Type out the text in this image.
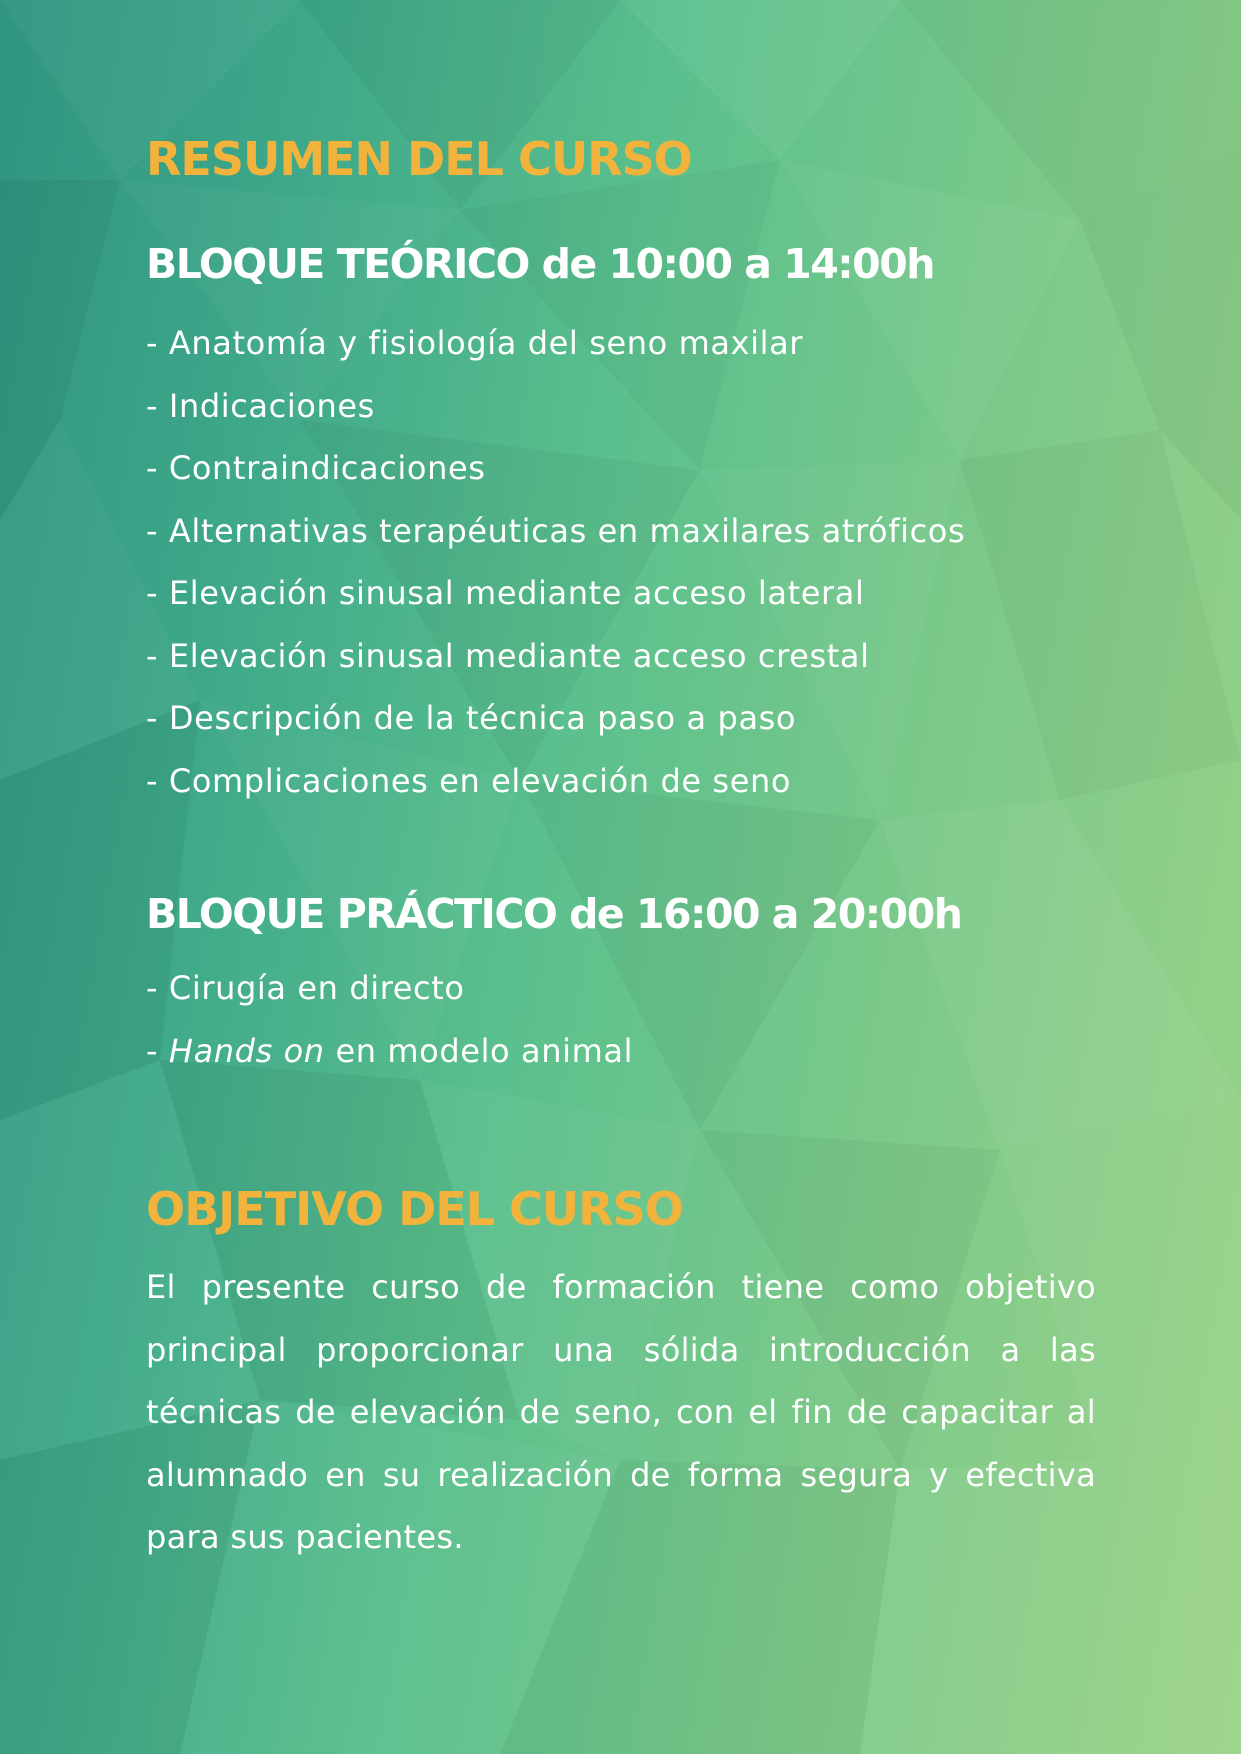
RESUMEN DEL CURSO
BLOQUE TEÓRICO de 10:00 a 14:00h
- Anatomía y fisiología del seno maxilar
- Indicaciones
- Contraindicaciones
- Alternativas terapéuticas en maxilares atróficos
- Elevación sinusal mediante acceso lateral
- Elevación sinusal mediante acceso crestal
- Descripción de la técnica paso a paso
- Complicaciones en elevación de seno
BLOQUE PRÁCTICO de 16:00 a 20:00h
- Cirugía en directo
- Hands on en modelo animal
OBJETIVO DEL CURSO

El presente curso de formación tiene como objetivo principal proporcionar una sólida introducción a las técnicas de elevación de seno, con el fin de capacitar al alumnado en su realización de forma segura y efectiva para sus pacientes.
